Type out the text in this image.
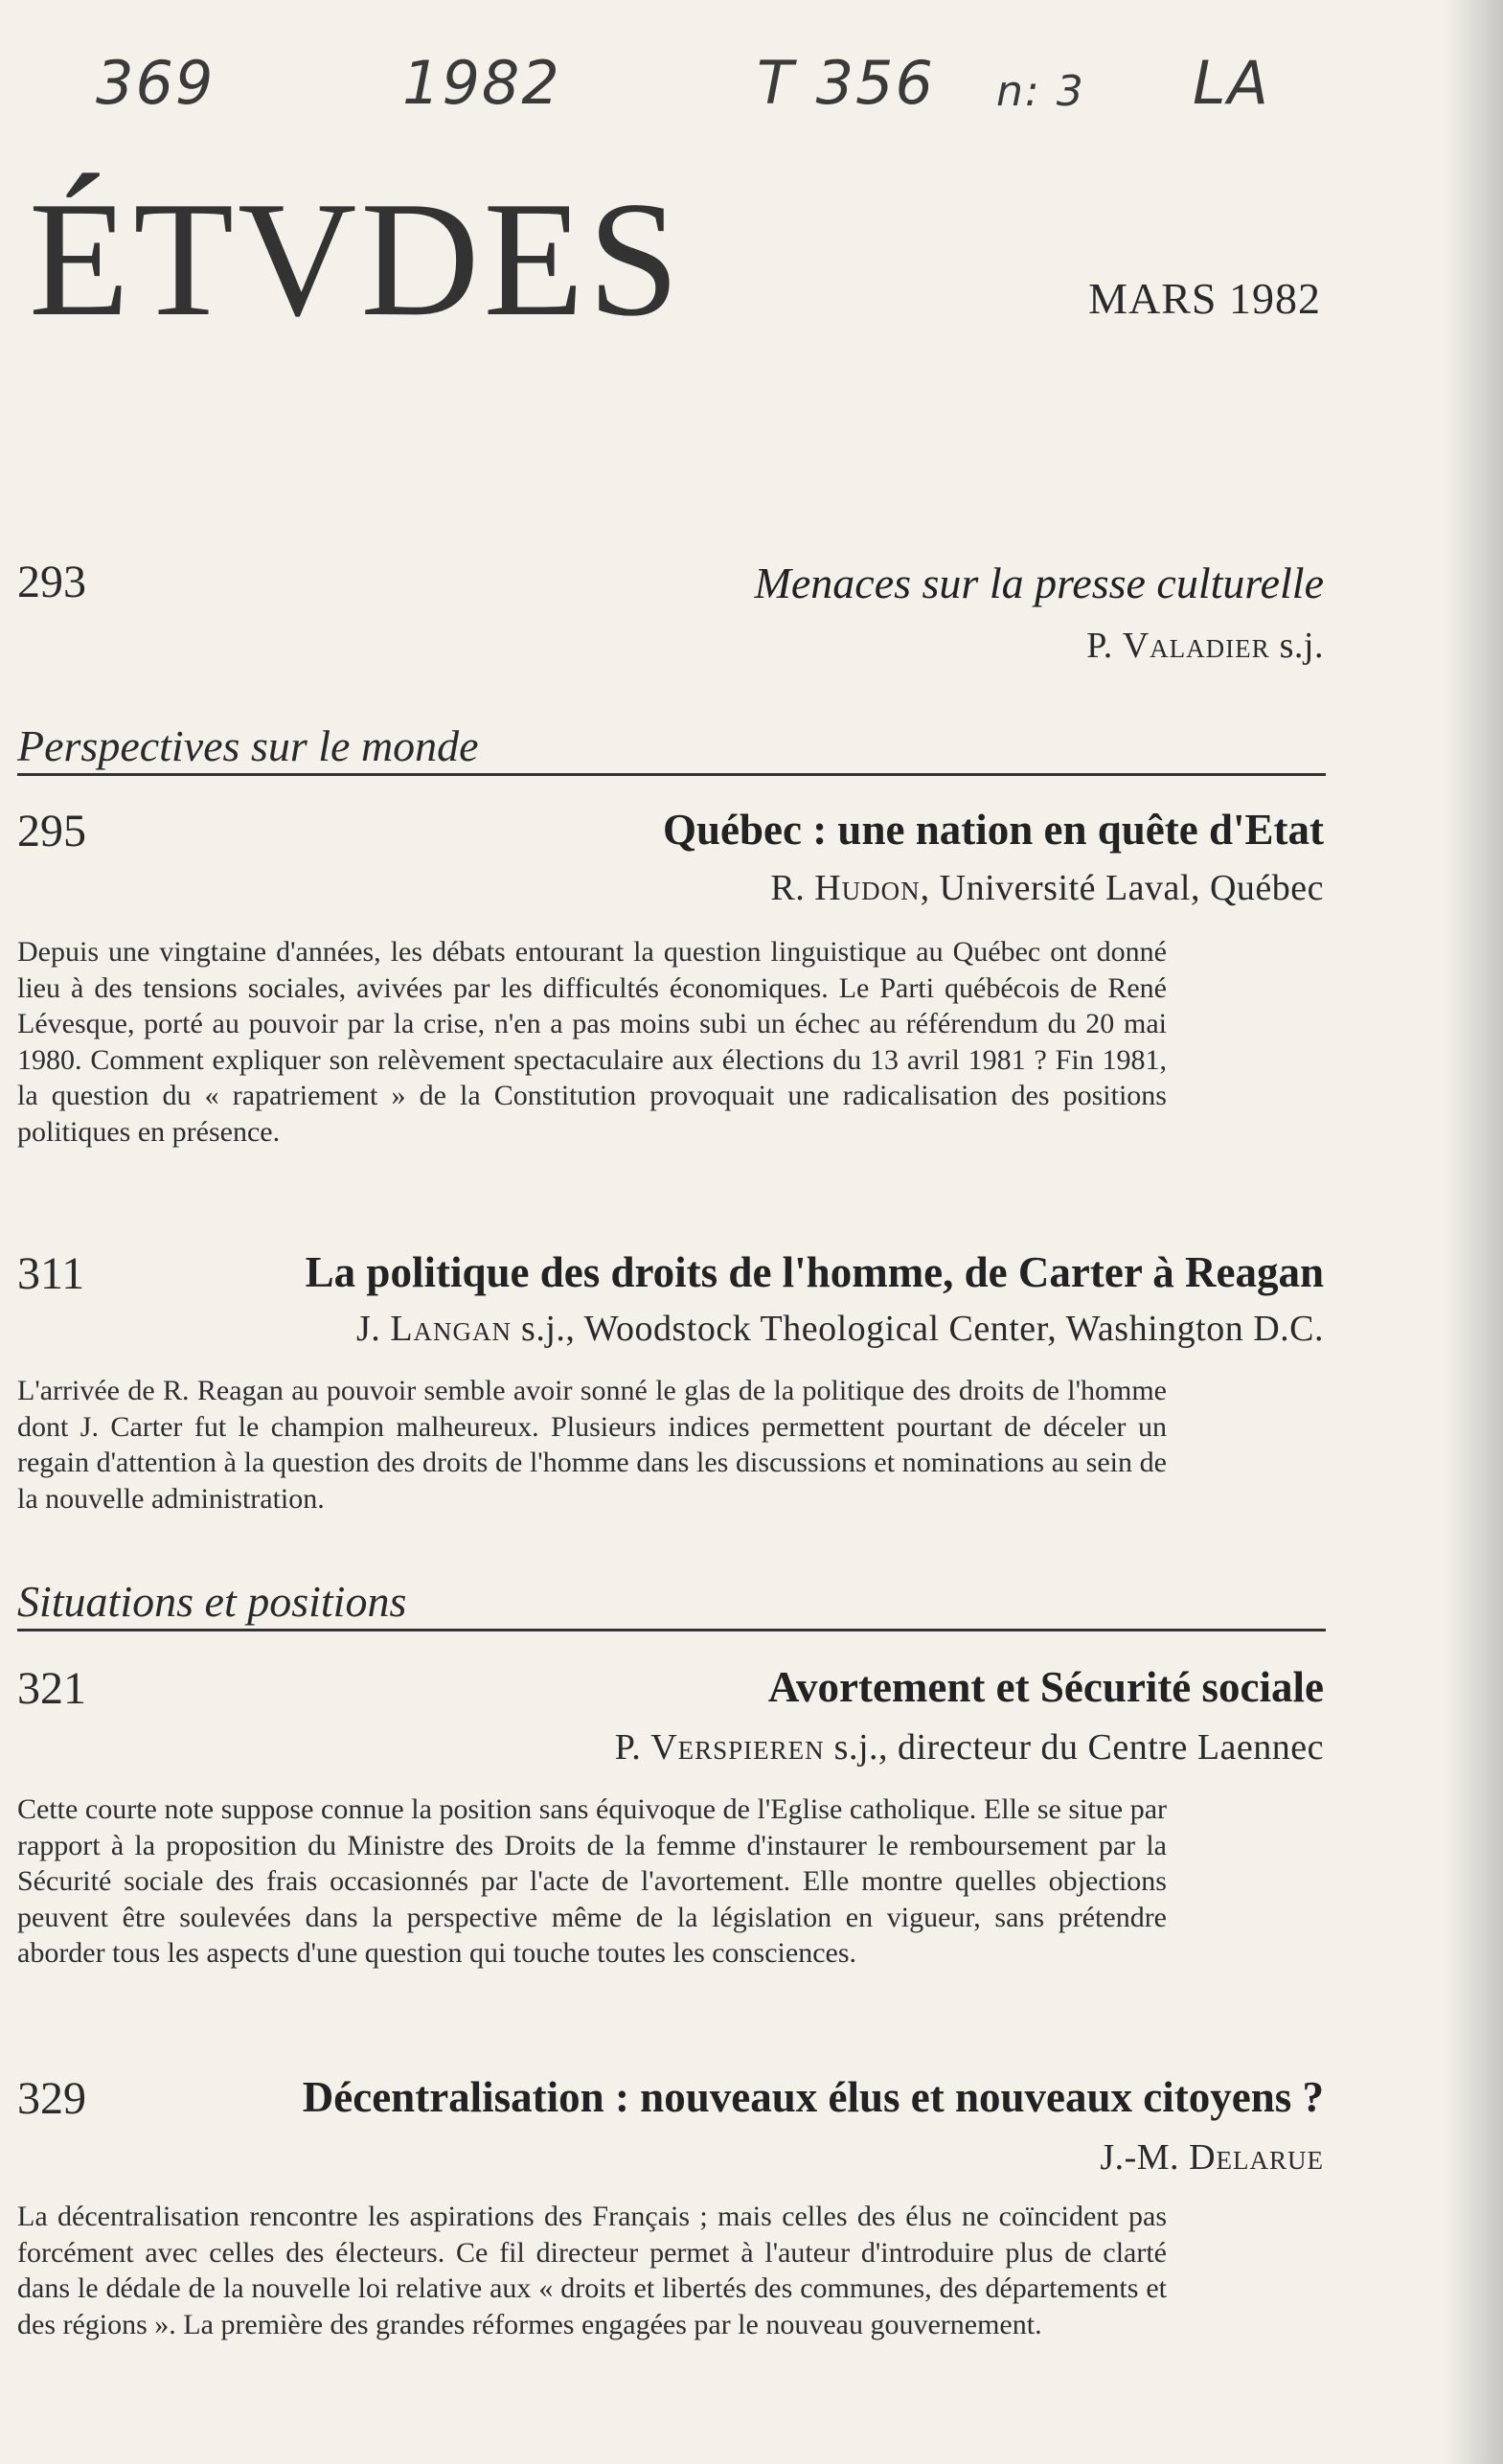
369	1982	T 356 n: 3 LA
ÉTVDES	MARS 1982
293	Menaces sur la presse culturelle
P. Valadier s.j.
Perspectives sur le monde
295	Québec : une nation en quête d'Etat
R. Hudon, Université Laval, Québec
Depuis une vingtaine d'années, les débats entourant la question linguistique au Québec ont donné lieu à des tensions sociales, avivées par les difficultés économiques. Le Parti québécois de René Lévesque, porté au pouvoir par la crise, n'en a pas moins subi un échec au référendum du 20 mai 1980. Comment expliquer son relèvement spectaculaire aux élections du 13 avril 1981 ? Fin 1981, la question du « rapatriement » de la Constitution provoquait une radicalisation des positions politiques en présence.
311	La politique des droits de l'homme, de Carter à Reagan
J. Langan s.j., Woodstock Theological Center, Washington D.C.
L'arrivée de R. Reagan au pouvoir semble avoir sonné le glas de la politique des droits de l'homme dont J. Carter fut le champion malheureux. Plusieurs indices permettent pourtant de déceler un regain d'attention à la question des droits de l'homme dans les discussions et nominations au sein de la nouvelle administration.
Situations et positions
321	Avortement et Sécurité sociale
P. Verspieren s.j., directeur du Centre Laennec
Cette courte note suppose connue la position sans équivoque de l'Eglise catholique. Elle se situe par rapport à la proposition du Ministre des Droits de la femme d'instaurer le remboursement par la Sécurité sociale des frais occasionnés par l'acte de l'avortement. Elle montre quelles objections peuvent être soulevées dans la perspective même de la législation en vigueur, sans prétendre aborder tous les aspects d'une question qui touche toutes les consciences.
329	Décentralisation : nouveaux élus et nouveaux citoyens ?
J.-M. Delarue
La décentralisation rencontre les aspirations des Français ; mais celles des élus ne coïncident pas forcément avec celles des électeurs. Ce fil directeur permet à l'auteur d'introduire plus de clarté dans le dédale de la nouvelle loi relative aux « droits et libertés des communes, des départements et des régions ». La première des grandes réformes engagées par le nouveau gouvernement.
